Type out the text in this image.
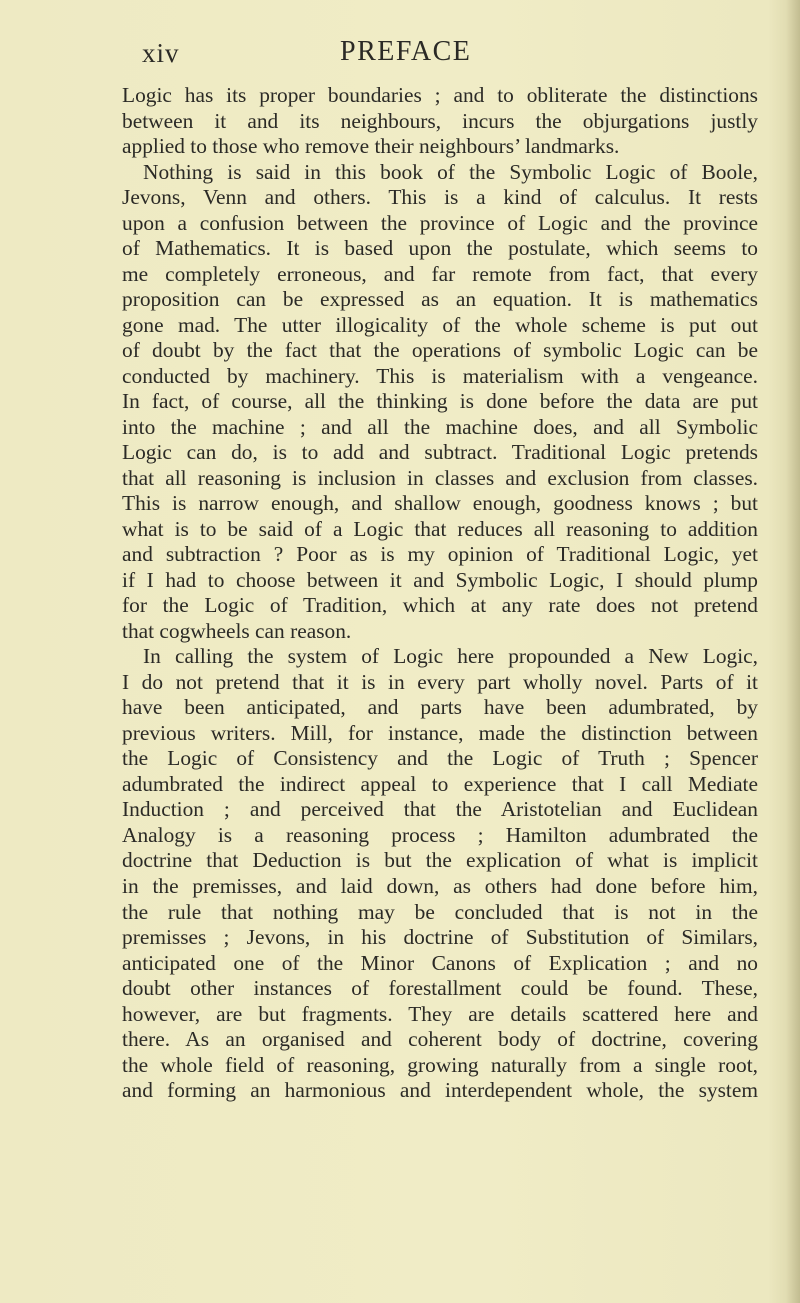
xiv	PREFACE
Logic has its proper boundaries ; and to obliterate the distinctions
between it and its neighbours, incurs the objurgations justly
applied to those who remove their neighbours’ landmarks.
Nothing is said in this book of the Symbolic Logic of Boole,
Jevons, Venn and others. This is a kind of calculus. It rests
upon a confusion between the province of Logic and the province
of Mathematics. It is based upon the postulate, which seems to
me completely erroneous, and far remote from fact, that every
proposition can be expressed as an equation. It is mathematics
gone mad. The utter illogicality of the whole scheme is put out
of doubt by the fact that the operations of symbolic Logic can be
conducted by machinery. This is materialism with a vengeance.
In fact, of course, all the thinking is done before the data are put
into the machine ; and all the machine does, and all Symbolic
Logic can do, is to add and subtract. Traditional Logic pretends
that all reasoning is inclusion in classes and exclusion from classes.
This is narrow enough, and shallow enough, goodness knows ; but
what is to be said of a Logic that reduces all reasoning to addition
and subtraction ? Poor as is my opinion of Traditional Logic, yet
if I had to choose between it and Symbolic Logic, I should plump
for the Logic of Tradition, which at any rate does not pretend
that cogwheels can reason.
In calling the system of Logic here propounded a New Logic,
I do not pretend that it is in every part wholly novel. Parts of it
have been anticipated, and parts have been adumbrated, by
previous writers. Mill, for instance, made the distinction between
the Logic of Consistency and the Logic of Truth ; Spencer
adumbrated the indirect appeal to experience that I call Mediate
Induction ; and perceived that the Aristotelian and Euclidean
Analogy is a reasoning process ; Hamilton adumbrated the
doctrine that Deduction is but the explication of what is implicit
in the premisses, and laid down, as others had done before him,
the rule that nothing may be concluded that is not in the
premisses ; Jevons, in his doctrine of Substitution of Similars,
anticipated one of the Minor Canons of Explication ; and no
doubt other instances of forestallment could be found. These,
however, are but fragments. They are details scattered here and
there. As an organised and coherent body of doctrine, covering
the whole field of reasoning, growing naturally from a single root,
and forming an harmonious and interdependent whole, the system
